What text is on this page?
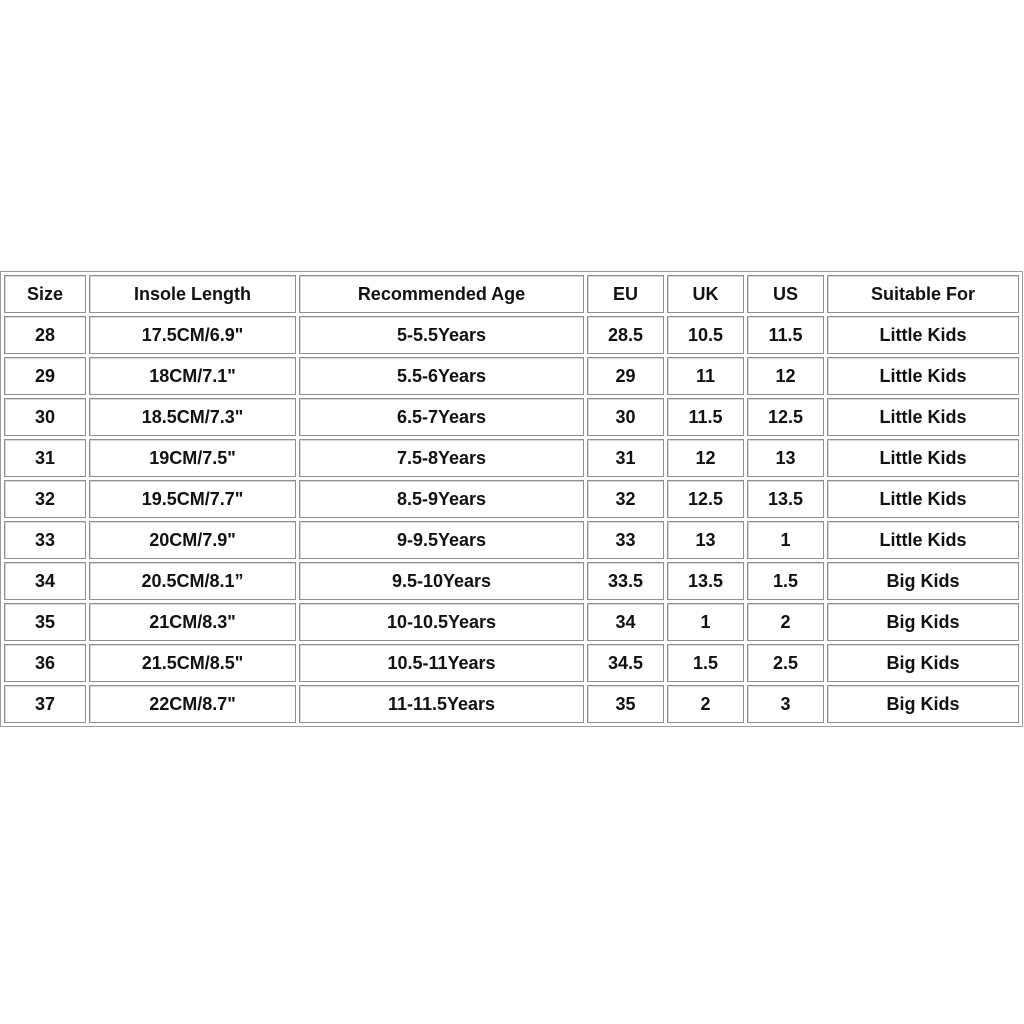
Size	Insole Length	Recommended Age	EU	UK	US	Suitable For
28	17.5CM/6.9"	5-5.5Years	28.5	10.5	11.5	Little Kids
29	18CM/7.1"	5.5-6Years	29	11	12	Little Kids
30	18.5CM/7.3"	6.5-7Years	30	11.5	12.5	Little Kids
31	19CM/7.5"	7.5-8Years	31	12	13	Little Kids
32	19.5CM/7.7"	8.5-9Years	32	12.5	13.5	Little Kids
33	20CM/7.9"	9-9.5Years	33	13	1	Little Kids
34	20.5CM/8.1”	9.5-10Years	33.5	13.5	1.5	Big Kids
35	21CM/8.3"	10-10.5Years	34	1	2	Big Kids
36	21.5CM/8.5"	10.5-11Years	34.5	1.5	2.5	Big Kids
37	22CM/8.7"	11-11.5Years	35	2	3	Big Kids
